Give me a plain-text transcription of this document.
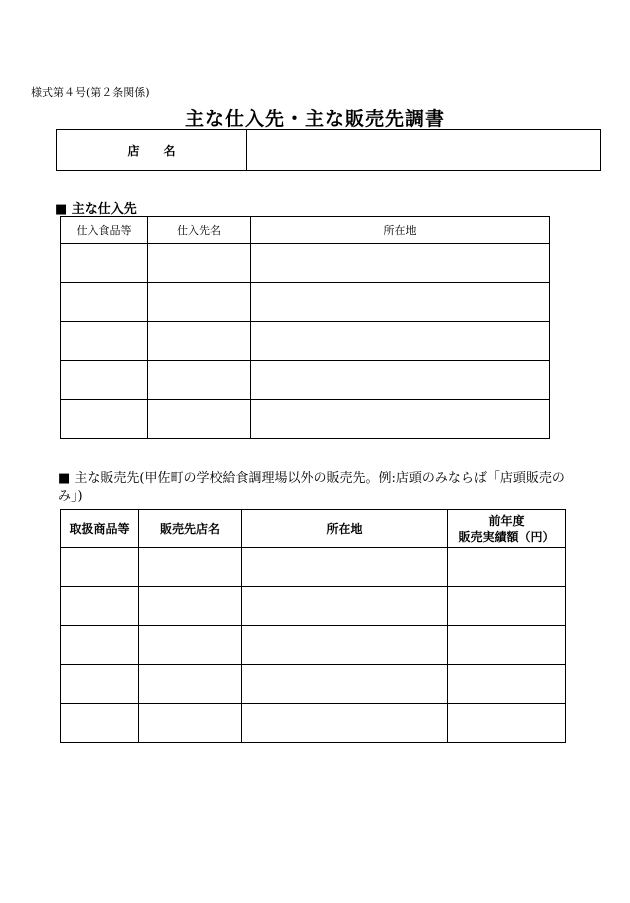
様式第４号(第２条関係)
主な仕入先・主な販売先調書
店　　名	
■ 主な仕入先
仕入食品等	仕入先名	所在地

■ 主な販売先(甲佐町の学校給食調理場以外の販売先。例:店頭のみならば「店頭販売のみ」)
取扱商品等	販売先店名	所在地	前年度
販売実績額（円）
